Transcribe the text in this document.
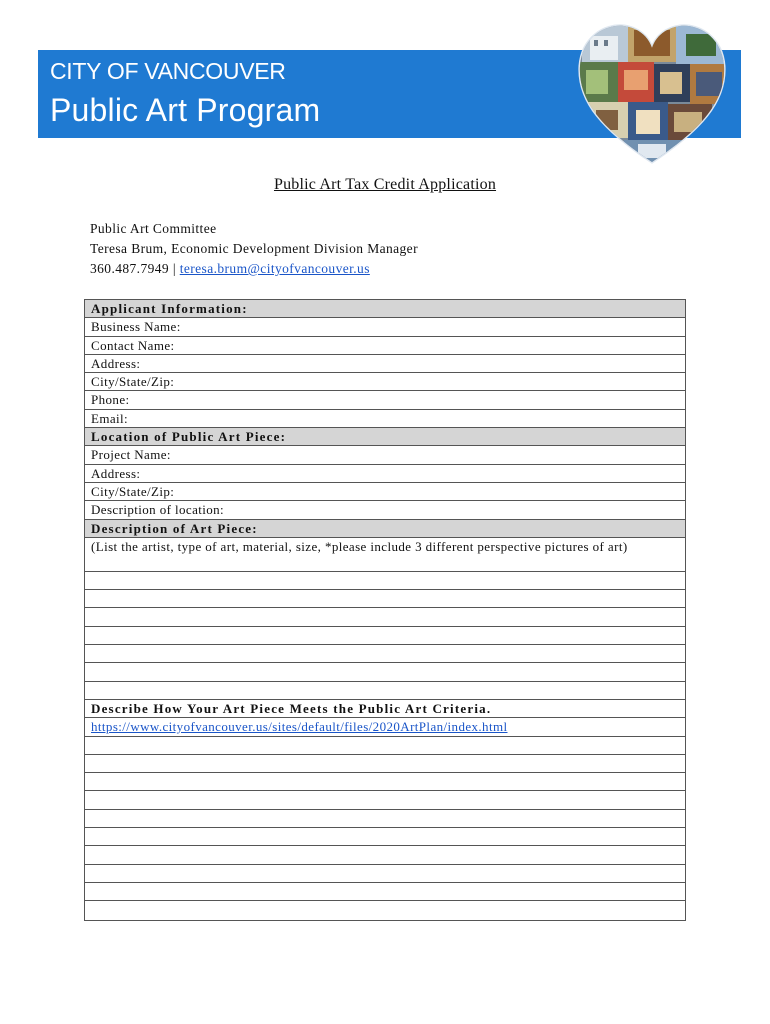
CITY OF VANCOUVER
Public Art Program
Public Art Tax Credit Application
Public Art Committee
Teresa Brum, Economic Development Division Manager
360.487.7949 | teresa.brum@cityofvancouver.us
Applicant Information:
Business Name:
Contact Name:
Address:
City/State/Zip:
Phone:
Email:
Location of Public Art Piece:
Project Name:
Address:
City/State/Zip:
Description of location:
Description of Art Piece:
(List the artist, type of art, material, size, *please include 3 different perspective pictures of art)
Describe How Your Art Piece Meets the Public Art Criteria.
https://www.cityofvancouver.us/sites/default/files/2020ArtPlan/index.html
